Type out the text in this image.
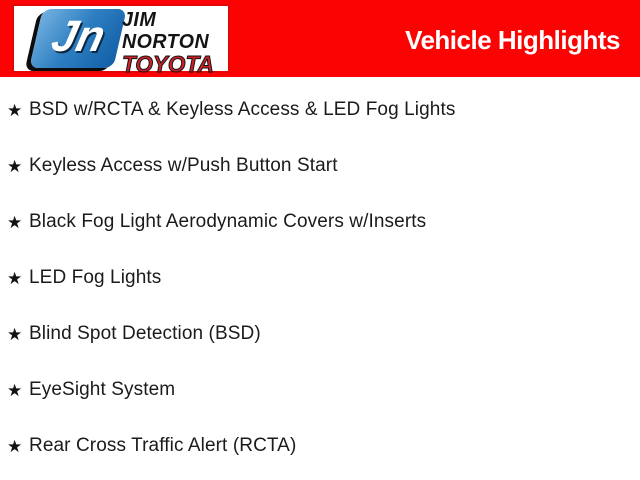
Jn JIM
NORTON
TOYOTA
Vehicle Highlights
★ BSD w/RCTA & Keyless Access & LED Fog Lights
★ Keyless Access w/Push Button Start
★ Black Fog Light Aerodynamic Covers w/Inserts
★ LED Fog Lights
★ Blind Spot Detection (BSD)
★ EyeSight System
★ Rear Cross Traffic Alert (RCTA)
